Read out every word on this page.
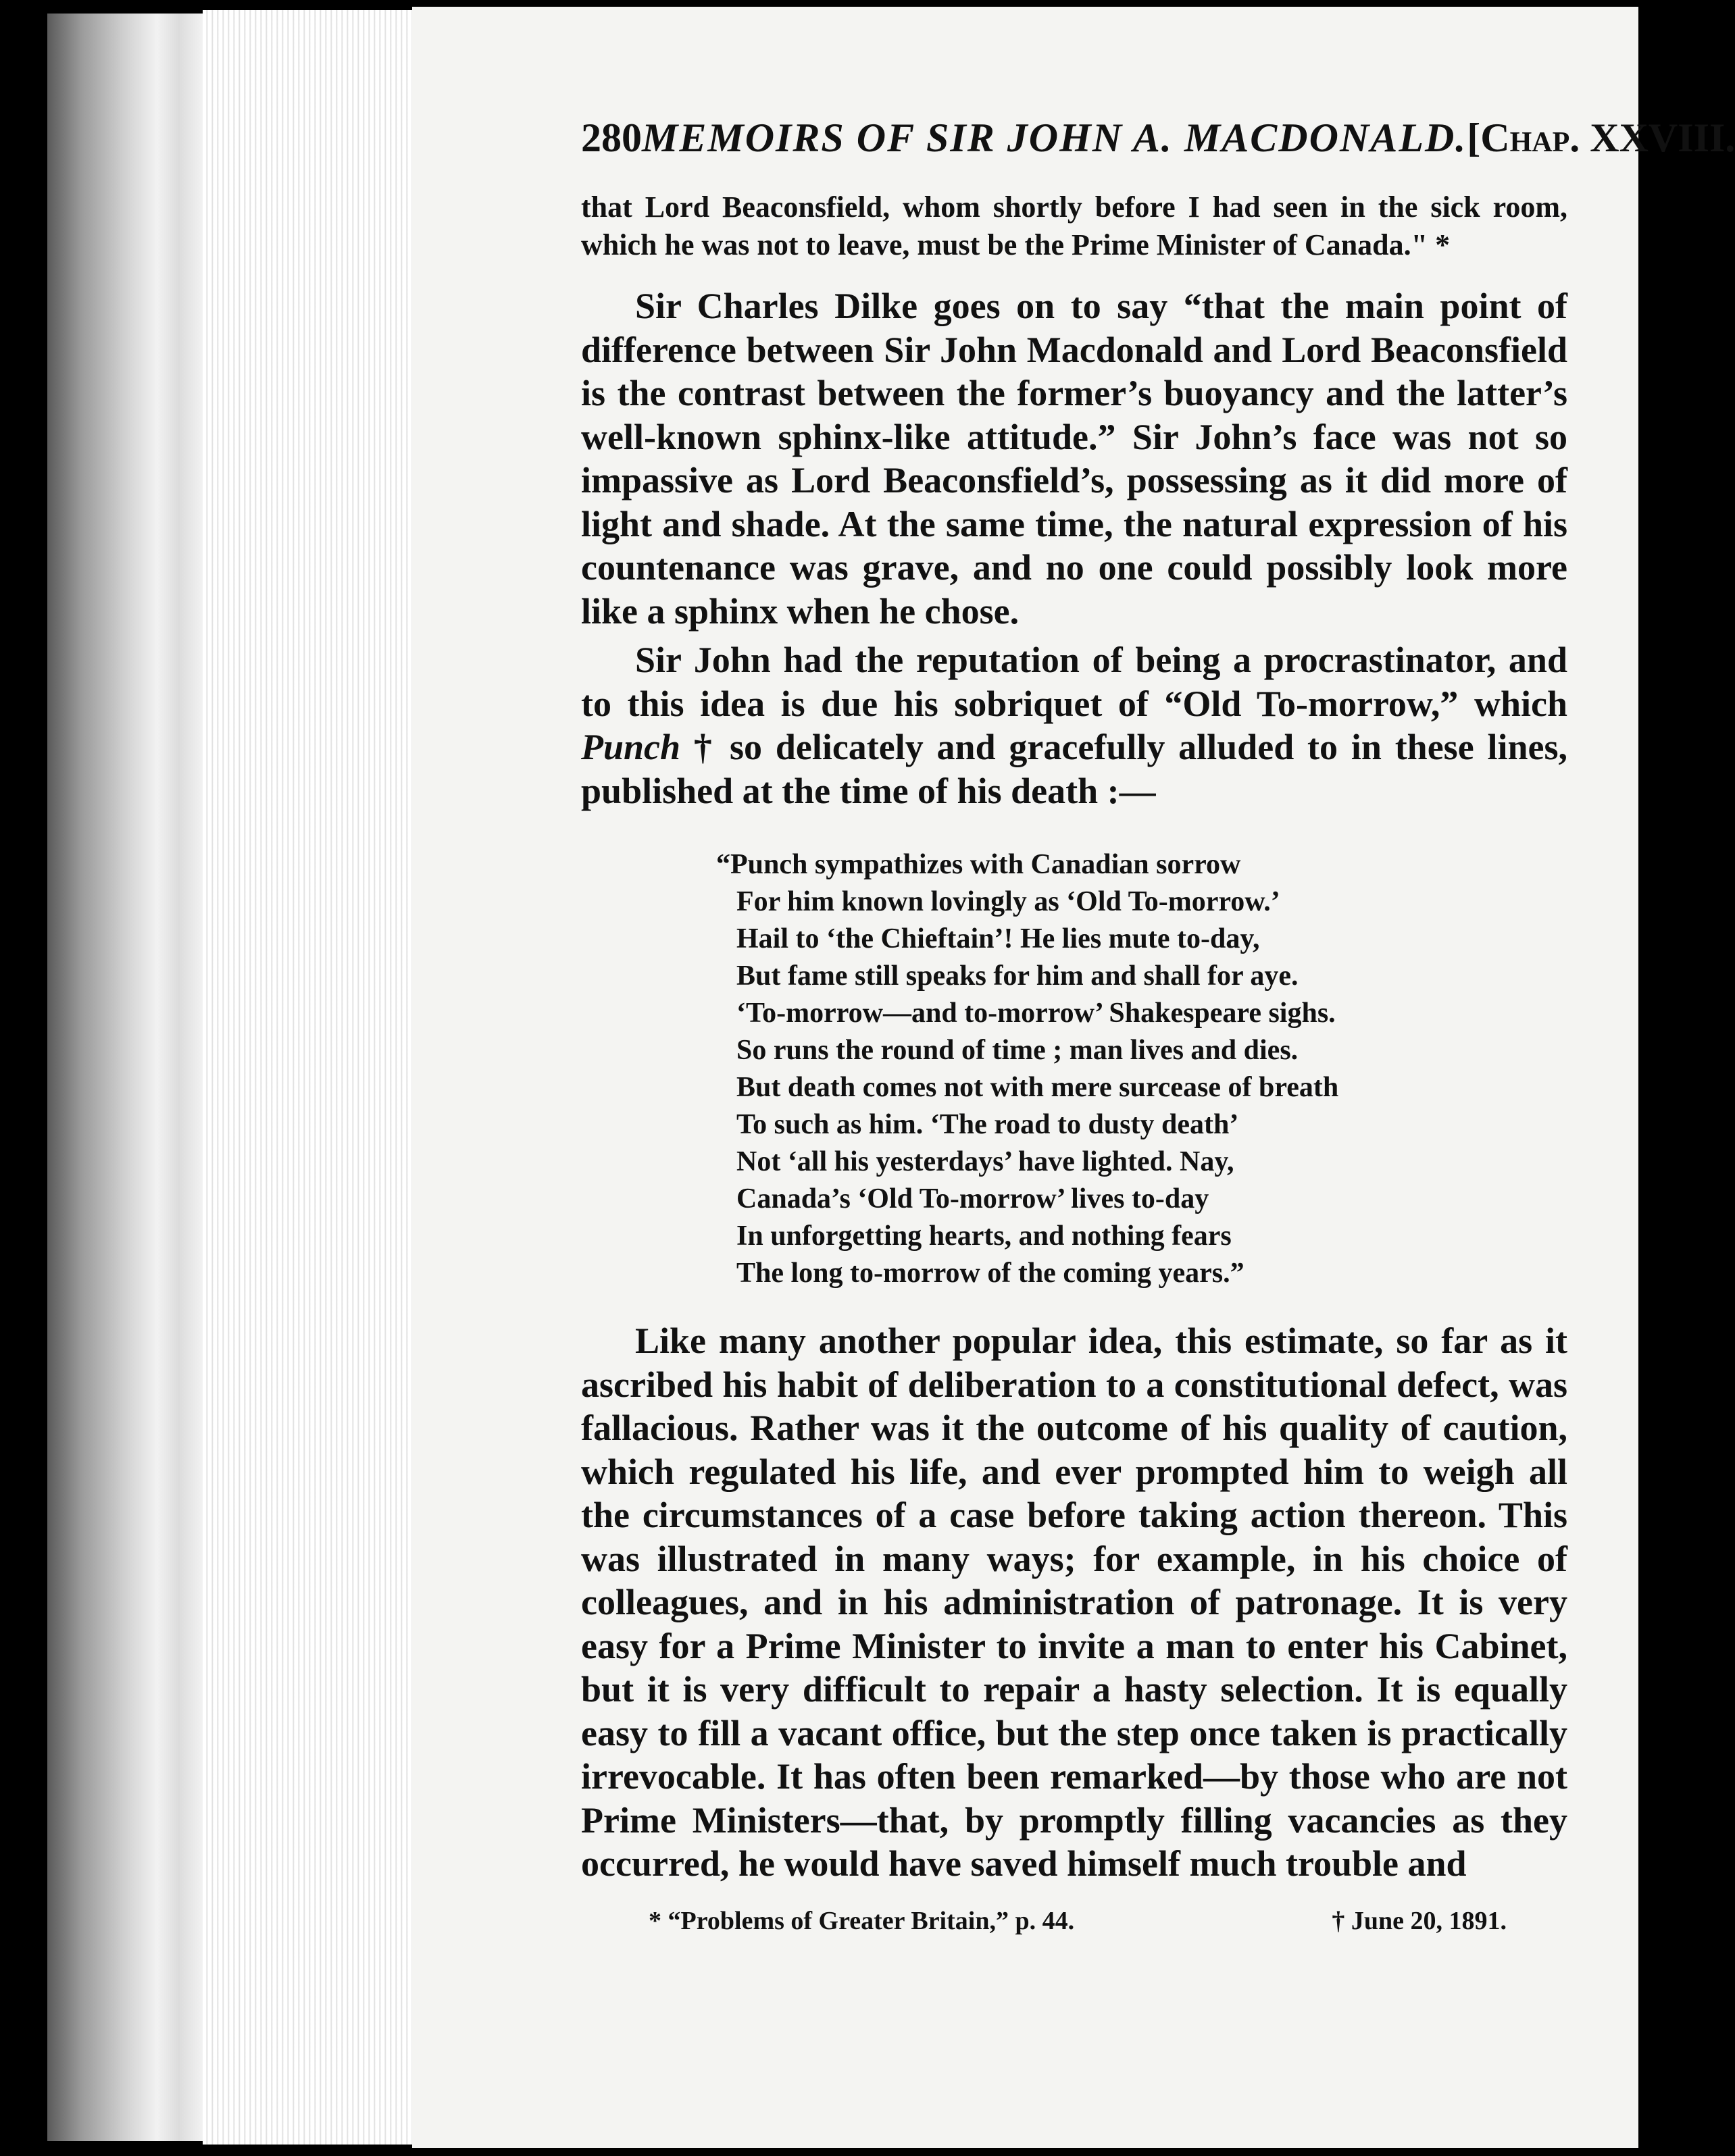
280 MEMOIRS OF SIR JOHN A. MACDONALD. [Chap. XXVIII.
that Lord Beaconsfield, whom shortly before I had seen in the sick room, which he was not to leave, must be the Prime Minister of Canada." *

Sir Charles Dilke goes on to say “that the main point of difference between Sir John Macdonald and Lord Beaconsfield is the contrast between the former’s buoyancy and the latter’s well-known sphinx-like attitude.” Sir John’s face was not so impassive as Lord Beaconsfield’s, possessing as it did more of light and shade. At the same time, the natural expression of his countenance was grave, and no one could possibly look more like a sphinx when he chose.

Sir John had the reputation of being a procrastinator, and to this idea is due his sobriquet of “Old To-morrow,” which Punch † so delicately and gracefully alluded to in these lines, published at the time of his death :—

“Punch sympathizes with Canadian sorrow
For him known lovingly as ‘Old To-morrow.’
Hail to ‘the Chieftain’! He lies mute to-day,
But fame still speaks for him and shall for aye.
‘To-morrow—and to-morrow’ Shakespeare sighs.
So runs the round of time ; man lives and dies.
But death comes not with mere surcease of breath
To such as him. ‘The road to dusty death’
Not ‘all his yesterdays’ have lighted. Nay,
Canada’s ‘Old To-morrow’ lives to-day
In unforgetting hearts, and nothing fears
The long to-morrow of the coming years.”

Like many another popular idea, this estimate, so far as it ascribed his habit of deliberation to a constitutional defect, was fallacious. Rather was it the outcome of his quality of caution, which regulated his life, and ever prompted him to weigh all the circumstances of a case before taking action thereon. This was illustrated in many ways; for example, in his choice of colleagues, and in his administration of patronage. It is very easy for a Prime Minister to invite a man to enter his Cabinet, but it is very difficult to repair a hasty selection. It is equally easy to fill a vacant office, but the step once taken is practically irrevocable. It has often been remarked—by those who are not Prime Ministers—that, by promptly filling vacancies as they occurred, he would have saved himself much trouble and

* “Problems of Greater Britain,” p. 44.	† June 20, 1891.
